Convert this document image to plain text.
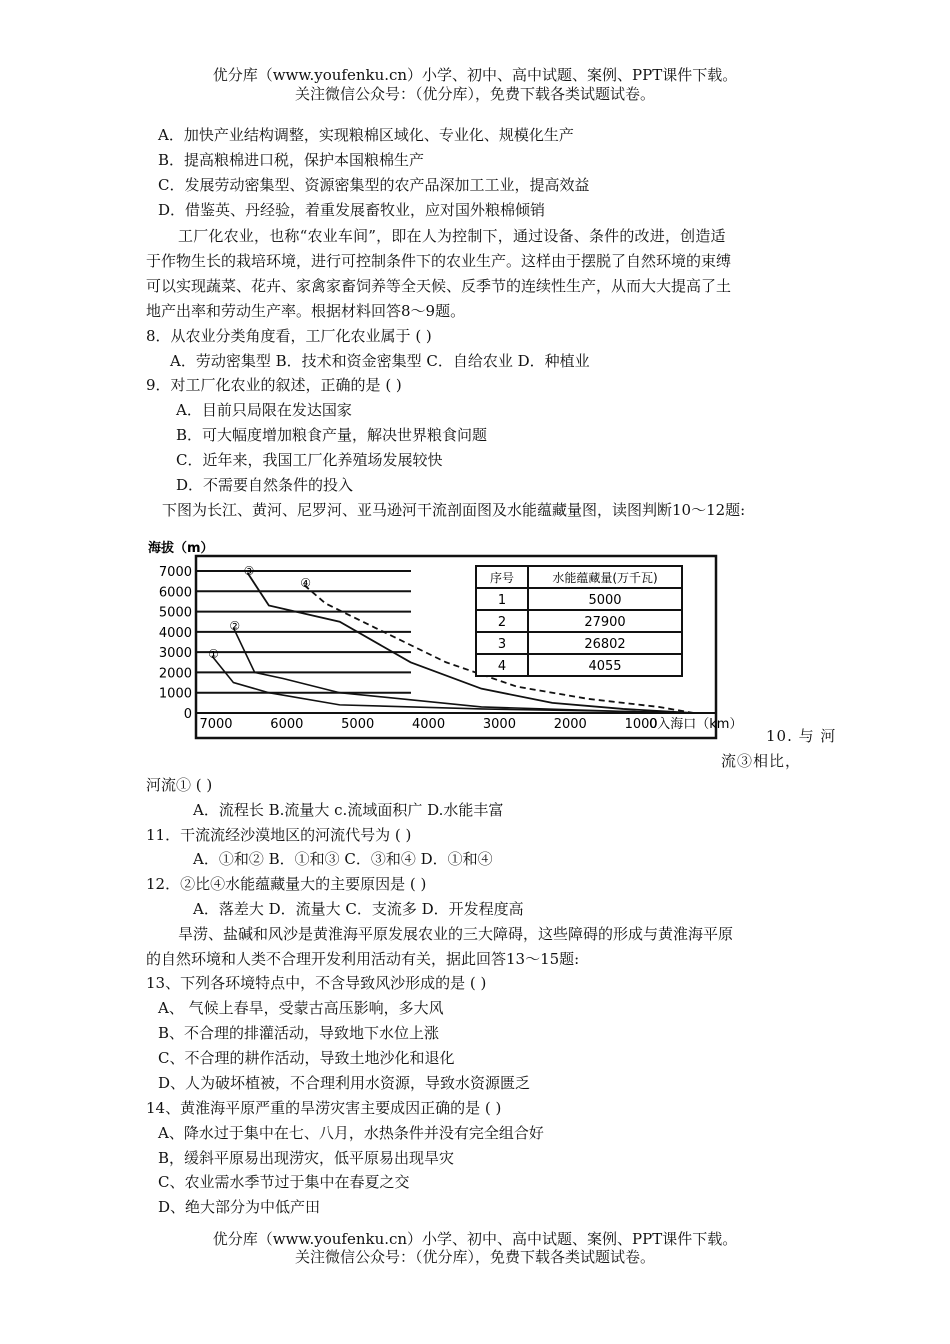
优分库（www.youfenku.cn）小学、初中、高中试题、案例、PPT课件下载。
关注微信公众号：（优分库），免费下载各类试题试卷。
A．加快产业结构调整，实现粮棉区域化、专业化、规模化生产
B．提高粮棉进口税，保护本国粮棉生产
C．发展劳动密集型、资源密集型的农产品深加工工业，提高效益
D．借鉴英、丹经验，着重发展畜牧业，应对国外粮棉倾销
工厂化农业，也称“农业车间”，即在人为控制下，通过设备、条件的改进，创造适
于作物生长的栽培环境，进行可控制条件下的农业生产。这样由于摆脱了自然环境的束缚
可以实现蔬菜、花卉、家禽家畜饲养等全天候、反季节的连续性生产，从而大大提高了土
地产出率和劳动生产率。根据材料回答8～9题。
8．从农业分类角度看，工厂化农业属于 ( )
A．劳动密集型 B．技术和资金密集型 C．自给农业 D．种植业
9．对工厂化农业的叙述，正确的是 ( )
A．目前只局限在发达国家
B．可大幅度增加粮食产量，解决世界粮食问题
C．近年来，我国工厂化养殖场发展较快
D．不需要自然条件的投入
下图为长江、黄河、尼罗河、亚马逊河干流剖面图及水能蕴藏量图，读图判断10～12题:
海拔（m）
7000
6000
5000
4000
3000
2000
1000
0
7000	6000	5000	4000	3000	2000	1000
①
②
③
④
0入海口（km）
序号	水能蕴藏量(万千瓦)
1	5000
2	27900
3	26802
4	4055
10. 与 河
流③相比，
河流① ( )
A．流程长 B.流量大 c.流域面积广 D.水能丰富
11．干流流经沙漠地区的河流代号为 ( )
A．①和② B．①和③ C．③和④ D．①和④
12．②比④水能蕴藏量大的主要原因是 ( )
A．落差大 D．流量大 C．支流多 D．开发程度高
旱涝、盐碱和风沙是黄淮海平原发展农业的三大障碍，这些障碍的形成与黄淮海平原
的自然环境和人类不合理开发利用活动有关，据此回答13～15题:
13、下列各环境特点中，不含导致风沙形成的是 ( )
A、 气候上春旱，受蒙古高压影响，多大风
B、不合理的排灌活动，导致地下水位上涨
C、不合理的耕作活动，导致土地沙化和退化
D、人为破坏植被，不合理利用水资源，导致水资源匮乏
14、黄淮海平原严重的旱涝灾害主要成因正确的是 ( )
A、降水过于集中在七、八月，水热条件并没有完全组合好
B，缓斜平原易出现涝灾，低平原易出现旱灾
C、农业需水季节过于集中在春夏之交
D、绝大部分为中低产田
优分库（www.youfenku.cn）小学、初中、高中试题、案例、PPT课件下载。
关注微信公众号：（优分库），免费下载各类试题试卷。
